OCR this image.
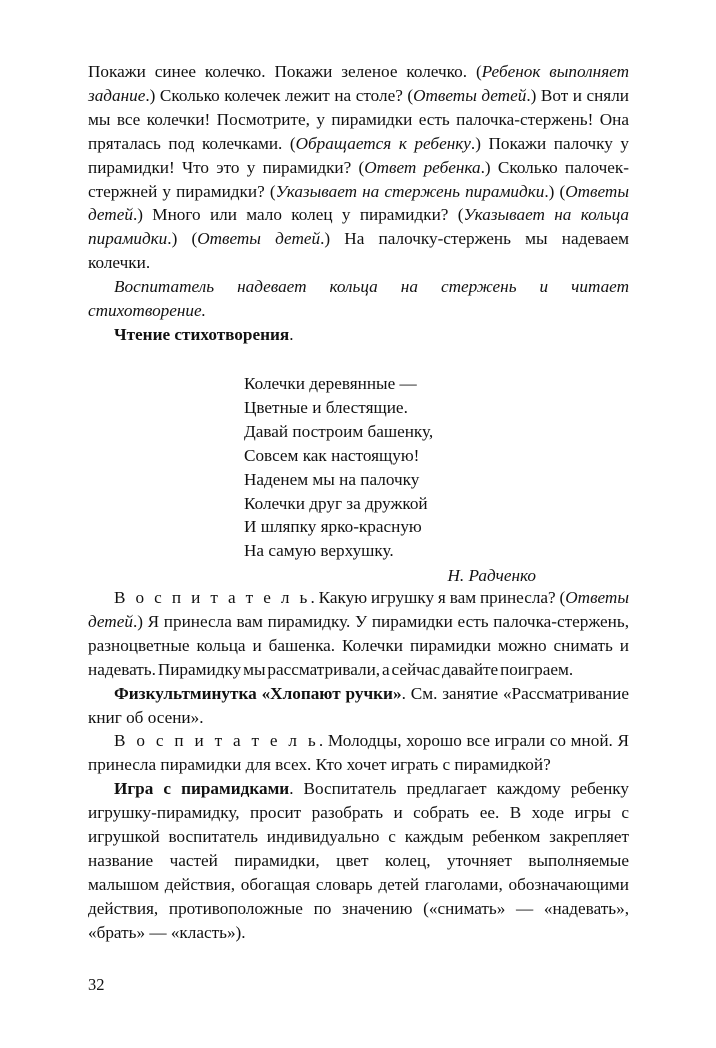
Покажи синее колечко. Покажи зеленое колечко. (Ребенок выполняет задание.) Сколько колечек лежит на столе? (Ответы детей.) Вот и сняли мы все колечки! Посмотрите, у пирамидки есть палочка-стержень! Она пряталась под колечками. (Обращается к ребенку.) Покажи палочку у пирамидки! Что это у пирамидки? (Ответ ребенка.) Сколько палочек-стержней у пирамидки? (Указывает на стержень пирамидки.) (Ответы детей.) Много или мало колец у пирамидки? (Указывает на кольца пирамидки.) (Ответы детей.) На палочку-стержень мы надеваем колечки.

Воспитатель надевает кольца на стержень и читает стихотворение.

Чтение стихотворения.

Колечки деревянные —

Цветные и блестящие.

Давай построим башенку,

Совсем как настоящую!

Наденем мы на палочку

Колечки друг за дружкой

И шляпку ярко-красную

На самую верхушку.

Н. Радченко

В о с п и т а т е л ь. Какую игрушку я вам принесла? (Ответы детей.) Я принесла вам пирамидку. У пирамидки есть палочка-стержень, разноцветные кольца и башенка. Колечки пирамидки можно снимать и надевать. Пирамидку мы рассматривали, а сейчас давайте поиграем.

Физкультминутка «Хлопают ручки». См. занятие «Рассматривание книг об осени».

В о с п и т а т е л ь. Молодцы, хорошо все играли со мной. Я принесла пирамидки для всех. Кто хочет играть с пирамидкой?

Игра с пирамидками. Воспитатель предлагает каждому ребенку игрушку-пирамидку, просит разобрать и собрать ее. В ходе игры с игрушкой воспитатель индивидуально с каждым ребенком закрепляет название частей пирамидки, цвет колец, уточняет выполняемые малышом действия, обогащая словарь детей глаголами, обозначающими действия, противоположные по значению («снимать» — «надевать», «брать» — «класть»).

32
